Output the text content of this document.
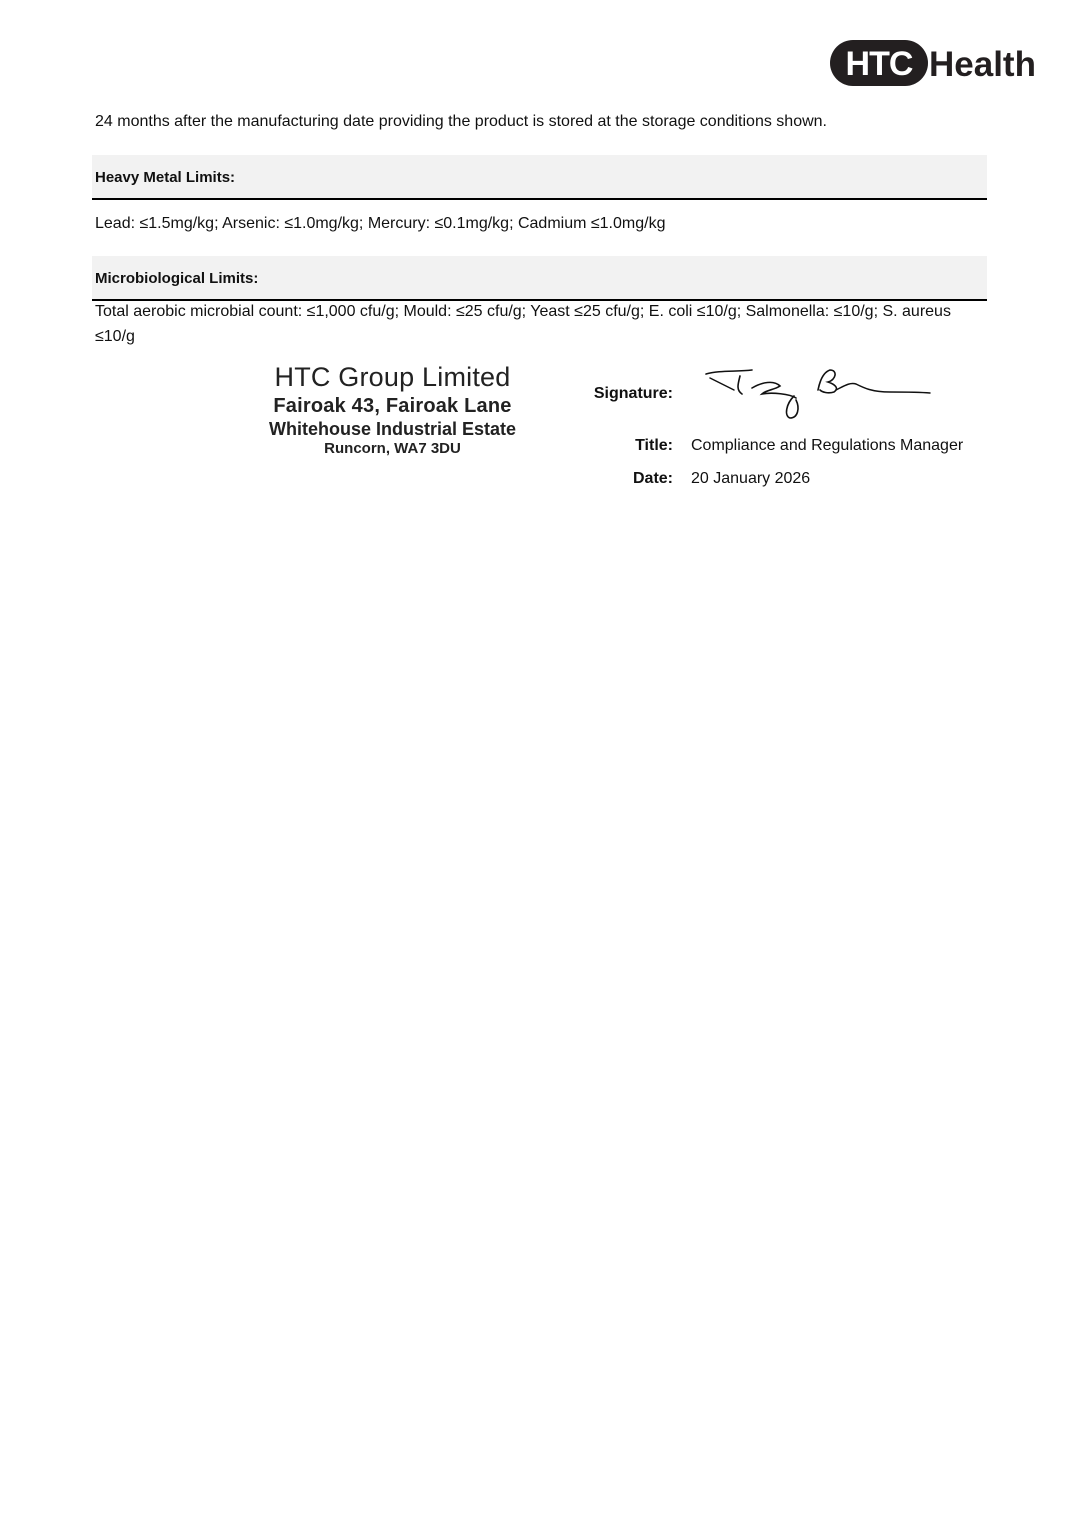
HTC Health
24 months after the manufacturing date providing the product is stored at the storage conditions shown.
Heavy Metal Limits:
Lead: ≤1.5mg/kg; Arsenic: ≤1.0mg/kg; Mercury: ≤0.1mg/kg; Cadmium ≤1.0mg/kg
Microbiological Limits:
Total aerobic microbial count: ≤1,000 cfu/g; Mould: ≤25 cfu/g; Yeast ≤25 cfu/g; E. coli ≤10/g; Salmonella: ≤10/g; S. aureus ≤10/g
HTC Group Limited
Fairoak 43, Fairoak Lane
Whitehouse Industrial Estate
Runcorn, WA7 3DU
Signature:
Title: Compliance and Regulations Manager
Date: 20 January 2026
